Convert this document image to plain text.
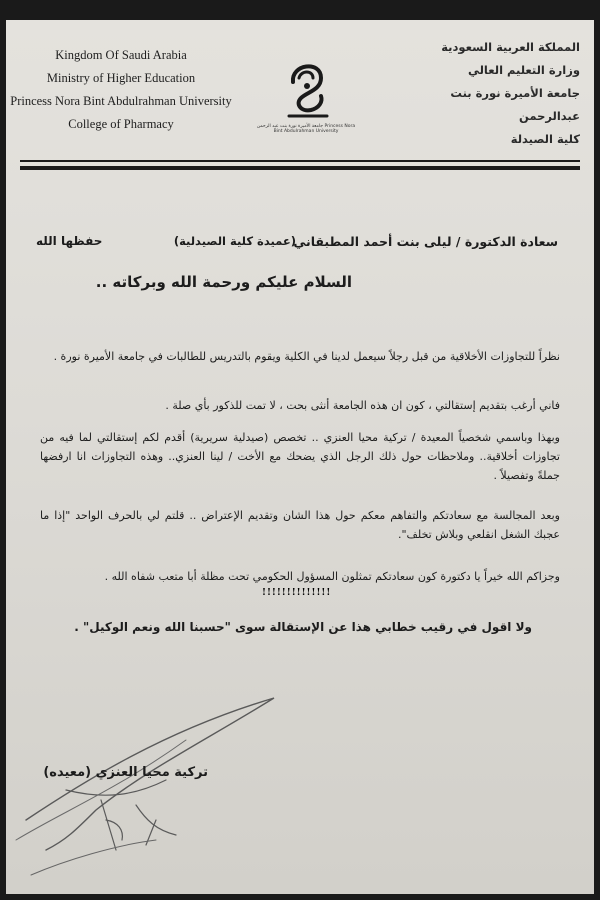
Kingdom Of Saudi Arabia
Ministry of Higher Education
Princess Nora Bint Abdulrahman University
College of Pharmacy	جامعة الأميرة نورة بنت عبد الرحمن Princess Nora Bint Abdulrahman University
المملكة العربية السعودية
وزارة التعليم العالي
جامعة الأميرة نورة بنت عبدالرحمن
كلية الصيدلة
سعادة الدكتورة / ليلى بنت أحمد المطبقاني
(عميدة كلية الصيدلية)
حفظها الله
السلام عليكم ورحمة الله وبركاته ..
نظراً للتجاوزات الأخلاقية من قبل رجلاً سيعمل لدينا في الكلية ويقوم بالتدريس للطالبات في جامعة الأميرة نورة .
فاني أرغب بتقديم إستقالتي ، كون ان هذه الجامعة أنثى بحت ، لا تمت للذكور بأي صلة .
وبهذا وباسمي شخصياً المعيدة / تركية محيا العنزي .. تخصص (صيدلية سريرية) أقدم لكم إستقالتي لما فيه من تجاوزات أخلاقية.. وملاحظات حول ذلك الرجل الذي يضحك مع الأخت / لينا العنزي.. وهذه التجاوزات انا ارفضها جملةً وتفصيلاً .
وبعد المجالسة مع سعادتكم والتفاهم معكم حول هذا الشان وتقديم الإعتراض .. قلتم لي بالحرف الواحد "إذا ما عجبك الشغل انقلعي وبلاش تخلف".
وجزاكم الله خيراً يا دكتورة كون سعادتكم تمثلون المسؤول الحكومي تحت مظلة أبا متعب شفاه الله .
!!!!!!!!!!!!!!
ولا اقول في رقيب خطابي هذا عن الإستقالة سوى "حسبنا الله ونعم الوكيل" .
تركية محيا العنزي (معيده)
